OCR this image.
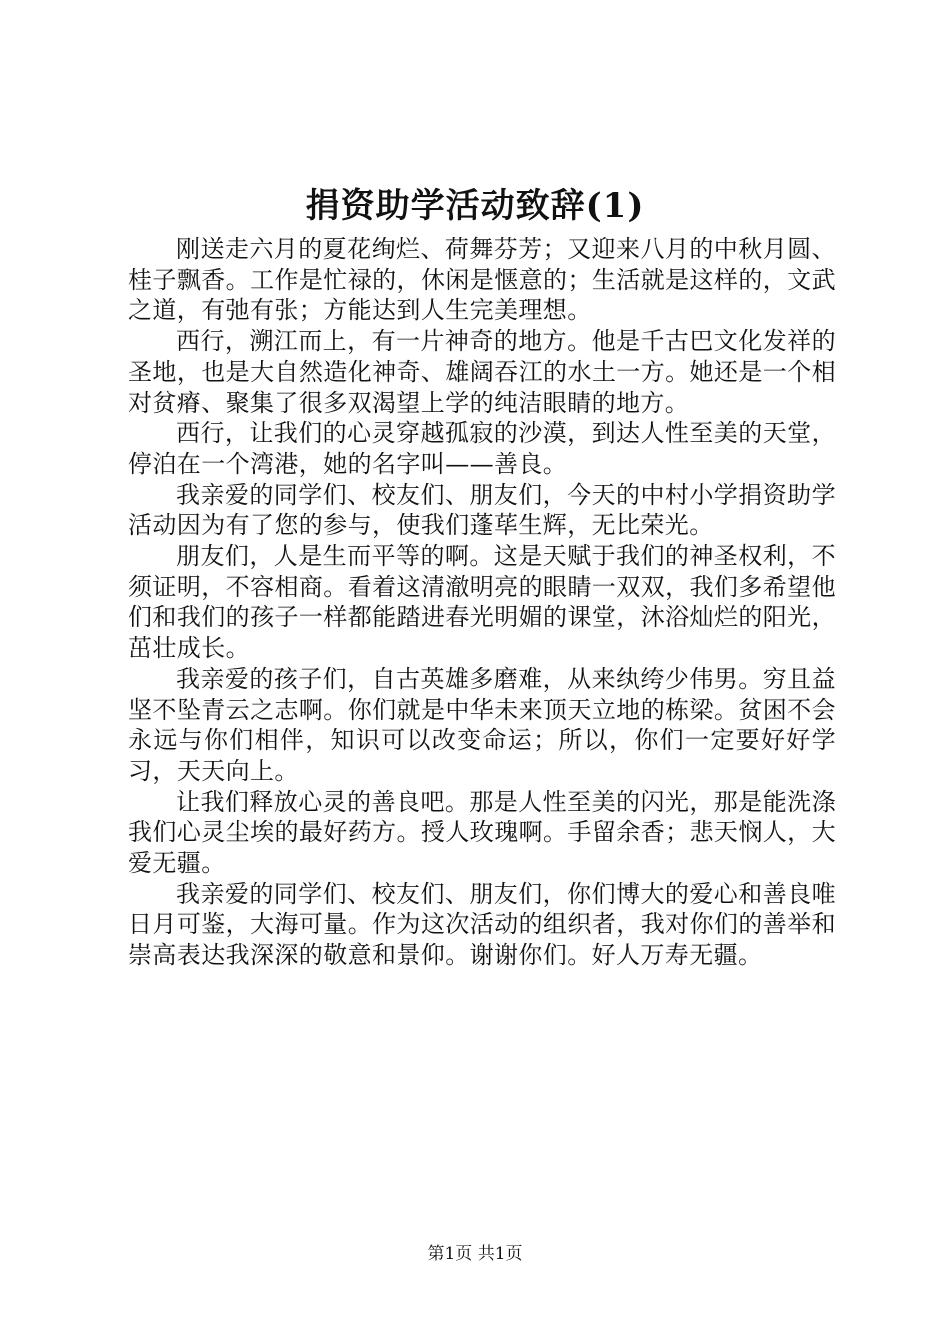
捐资助学活动致辞(1)

刚送走六月的夏花绚烂、荷舞芬芳；又迎来八月的中秋月圆、桂子飘香。工作是忙禄的，休闲是惬意的；生活就是这样的，文武之道，有弛有张；方能达到人生完美理想。

西行，溯江而上，有一片神奇的地方。他是千古巴文化发祥的圣地，也是大自然造化神奇、雄阔吞江的水土一方。她还是一个相对贫瘠、聚集了很多双渴望上学的纯洁眼睛的地方。

西行，让我们的心灵穿越孤寂的沙漠，到达人性至美的天堂，停泊在一个湾港，她的名字叫——善良。

我亲爱的同学们、校友们、朋友们，今天的中村小学捐资助学活动因为有了您的参与，使我们蓬荜生辉，无比荣光。

朋友们，人是生而平等的啊。这是天赋于我们的神圣权利，不须证明，不容相商。看着这清澈明亮的眼睛一双双，我们多希望他们和我们的孩子一样都能踏进春光明媚的课堂，沐浴灿烂的阳光，茁壮成长。

我亲爱的孩子们，自古英雄多磨难，从来纨绔少伟男。穷且益坚不坠青云之志啊。你们就是中华未来顶天立地的栋梁。贫困不会永远与你们相伴，知识可以改变命运；所以，你们一定要好好学习，天天向上。

让我们释放心灵的善良吧。那是人性至美的闪光，那是能洗涤我们心灵尘埃的最好药方。授人玫瑰啊。手留余香；悲天悯人，大爱无疆。

我亲爱的同学们、校友们、朋友们，你们博大的爱心和善良唯日月可鉴，大海可量。作为这次活动的组织者，我对你们的善举和崇高表达我深深的敬意和景仰。谢谢你们。好人万寿无疆。

第1页 共1页
